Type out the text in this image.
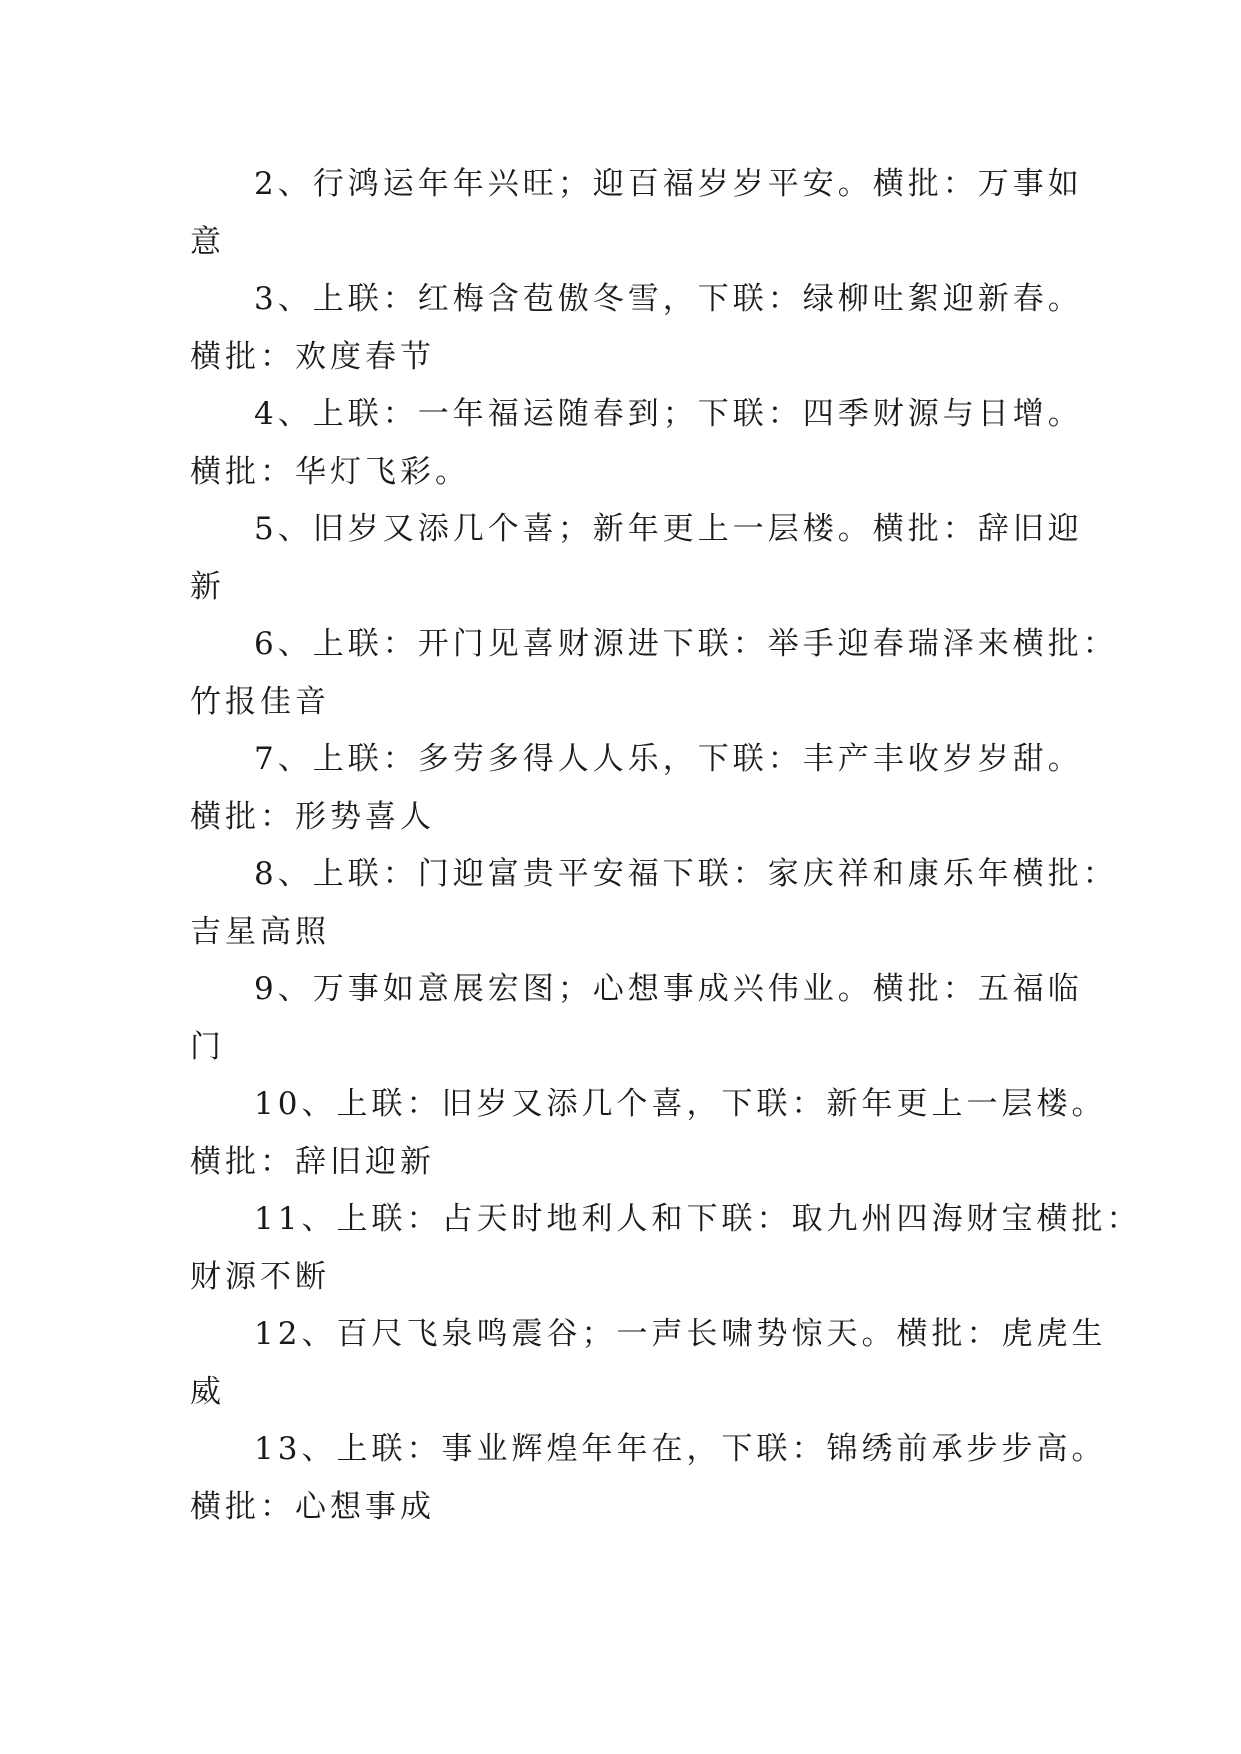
2、行鸿运年年兴旺；迎百福岁岁平安。横批：万事如
意
3、上联：红梅含苞傲冬雪，下联：绿柳吐絮迎新春。
横批：欢度春节
4、上联：一年福运随春到；下联：四季财源与日增。
横批：华灯飞彩。
5、旧岁又添几个喜；新年更上一层楼。横批：辞旧迎
新
6、上联：开门见喜财源进下联：举手迎春瑞泽来横批：
竹报佳音
7、上联：多劳多得人人乐，下联：丰产丰收岁岁甜。
横批：形势喜人
8、上联：门迎富贵平安福下联：家庆祥和康乐年横批：
吉星高照
9、万事如意展宏图；心想事成兴伟业。横批：五福临
门
10、上联：旧岁又添几个喜，下联：新年更上一层楼。
横批：辞旧迎新
11、上联：占天时地利人和下联：取九州四海财宝横批：
财源不断
12、百尺飞泉鸣震谷；一声长啸势惊天。横批：虎虎生
威
13、上联：事业辉煌年年在，下联：锦绣前承步步高。
横批：心想事成
